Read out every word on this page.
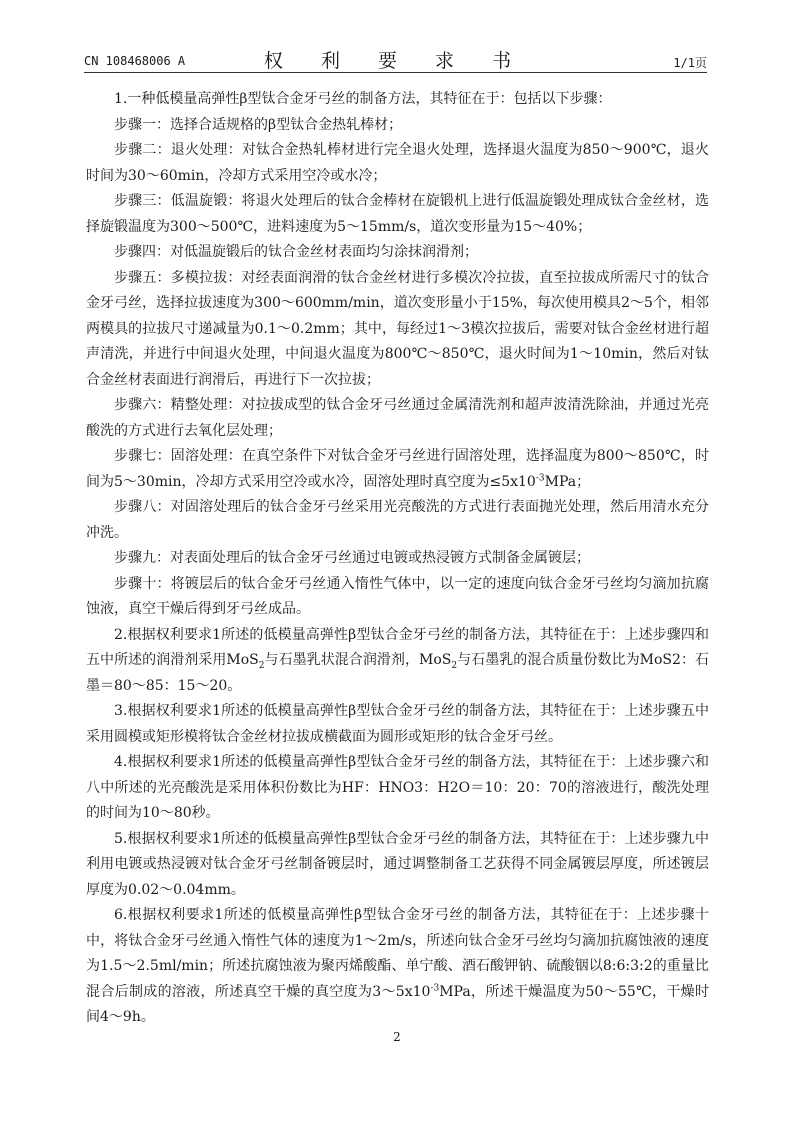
CN 108468006 A	权 利 要 求 书	1/1页

1.一种低模量高弹性β型钛合金牙弓丝的制备方法，其特征在于：包括以下步骤：

步骤一：选择合适规格的β型钛合金热轧棒材；

步骤二：退火处理：对钛合金热轧棒材进行完全退火处理，选择退火温度为850～900℃，退火时间为30～60min，冷却方式采用空冷或水冷；

步骤三：低温旋锻：将退火处理后的钛合金棒材在旋锻机上进行低温旋锻处理成钛合金丝材，选择旋锻温度为300～500℃，进料速度为5～15mm/s，道次变形量为15～40%；

步骤四：对低温旋锻后的钛合金丝材表面均匀涂抹润滑剂；

步骤五：多模拉拔：对经表面润滑的钛合金丝材进行多模次冷拉拔，直至拉拔成所需尺寸的钛合金牙弓丝，选择拉拔速度为300～600mm/min，道次变形量小于15%，每次使用模具2～5个，相邻两模具的拉拔尺寸递减量为0.1～0.2mm；其中，每经过1～3模次拉拔后，需要对钛合金丝材进行超声清洗，并进行中间退火处理，中间退火温度为800℃～850℃，退火时间为1～10min，然后对钛合金丝材表面进行润滑后，再进行下一次拉拔；

步骤六：精整处理：对拉拔成型的钛合金牙弓丝通过金属清洗剂和超声波清洗除油，并通过光亮酸洗的方式进行去氧化层处理；

步骤七：固溶处理：在真空条件下对钛合金牙弓丝进行固溶处理，选择温度为800～850℃，时间为5～30min，冷却方式采用空冷或水冷，固溶处理时真空度为$\le 5x10^{-3}MPa$；

步骤八：对固溶处理后的钛合金牙弓丝采用光亮酸洗的方式进行表面抛光处理，然后用清水充分冲洗。

步骤九：对表面处理后的钛合金牙弓丝通过电镀或热浸镀方式制备金属镀层；

步骤十：将镀层后的钛合金牙弓丝通入惰性气体中，以一定的速度向钛合金牙弓丝均匀滴加抗腐蚀液，真空干燥后得到牙弓丝成品。

2.根据权利要求1所述的低模量高弹性β型钛合金牙弓丝的制备方法，其特征在于：上述步骤四和五中所述的润滑剂采用MoS$_2$与石墨乳状混合润滑剂，MoS$_2$与石墨乳的混合质量份数比为MoS2：石墨＝80～85：15～20。

3.根据权利要求1所述的低模量高弹性β型钛合金牙弓丝的制备方法，其特征在于：上述步骤五中采用圆模或矩形模将钛合金丝材拉拔成横截面为圆形或矩形的钛合金牙弓丝。

4.根据权利要求1所述的低模量高弹性β型钛合金牙弓丝的制备方法，其特征在于：上述步骤六和八中所述的光亮酸洗是采用体积份数比为HF：HNO3：H2O＝10：20：70的溶液进行，酸洗处理的时间为10～80秒。

5.根据权利要求1所述的低模量高弹性β型钛合金牙弓丝的制备方法，其特征在于：上述步骤九中利用电镀或热浸镀对钛合金牙弓丝制备镀层时，通过调整制备工艺获得不同金属镀层厚度，所述镀层厚度为0.02～0.04mm。

6.根据权利要求1所述的低模量高弹性β型钛合金牙弓丝的制备方法，其特征在于：上述步骤十中，将钛合金牙弓丝通入惰性气体的速度为1～2m/s，所述向钛合金牙弓丝均匀滴加抗腐蚀液的速度为1.5～2.5ml/min；所述抗腐蚀液为聚丙烯酸酯、单宁酸、酒石酸钾钠、硫酸铟以8:6:3:2的重量比混合后制成的溶液，所述真空干燥的真空度为$3\sim 5x10^{-3}MPa$，所述干燥温度为50～55℃，干燥时间4～9h。

2
